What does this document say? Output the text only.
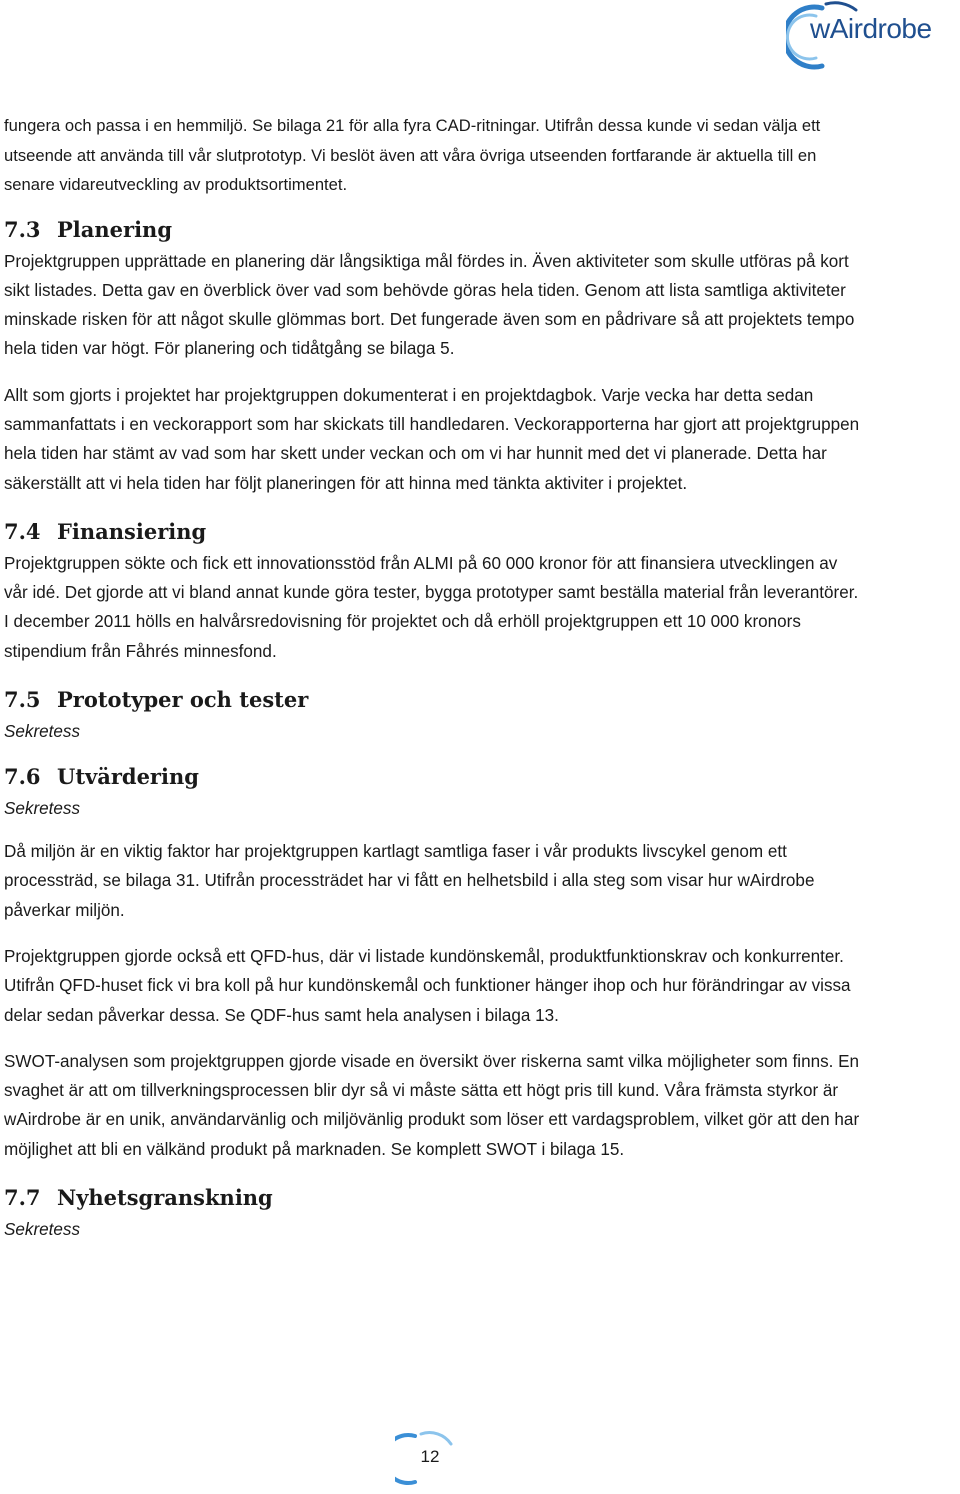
wAirdrobe

fungera och passa i en hemmiljö. Se bilaga 21 för alla fyra CAD-ritningar. Utifrån dessa kunde vi sedan välja ett utseende att använda till vår slutprototyp. Vi beslöt även att våra övriga utseenden fortfarande är aktuella till en senare vidareutveckling av produktsortimentet.

7.3 Planering

Projektgruppen upprättade en planering där långsiktiga mål fördes in. Även aktiviteter som skulle utföras på kort sikt listades. Detta gav en överblick över vad som behövde göras hela tiden. Genom att lista samtliga aktiviteter minskade risken för att något skulle glömmas bort. Det fungerade även som en pådrivare så att projektets tempo hela tiden var högt. För planering och tidåtgång se bilaga 5.

Allt som gjorts i projektet har projektgruppen dokumenterat i en projektdagbok. Varje vecka har detta sedan sammanfattats i en veckorapport som har skickats till handledaren. Veckorapporterna har gjort att projektgruppen hela tiden har stämt av vad som har skett under veckan och om vi har hunnit med det vi planerade. Detta har säkerställt att vi hela tiden har följt planeringen för att hinna med tänkta aktiviter i projektet.

7.4 Finansiering

Projektgruppen sökte och fick ett innovationsstöd från ALMI på 60 000 kronor för att finansiera utvecklingen av vår idé. Det gjorde att vi bland annat kunde göra tester, bygga prototyper samt beställa material från leverantörer. I december 2011 hölls en halvårsredovisning för projektet och då erhöll projektgruppen ett 10 000 kronors stipendium från Fåhrés minnesfond.

7.5 Prototyper och tester
Sekretess
7.6 Utvärdering
Sekretess

Då miljön är en viktig faktor har projektgruppen kartlagt samtliga faser i vår produkts livscykel genom ett processträd, se bilaga 31. Utifrån processträdet har vi fått en helhetsbild i alla steg som visar hur wAirdrobe påverkar miljön.

Projektgruppen gjorde också ett QFD-hus, där vi listade kundönskemål, produktfunktionskrav och konkurrenter. Utifrån QFD-huset fick vi bra koll på hur kundönskemål och funktioner hänger ihop och hur förändringar av vissa delar sedan påverkar dessa. Se QDF-hus samt hela analysen i bilaga 13.

SWOT-analysen som projektgruppen gjorde visade en översikt över riskerna samt vilka möjligheter som finns. En svaghet är att om tillverkningsprocessen blir dyr så vi måste sätta ett högt pris till kund. Våra främsta styrkor är wAirdrobe är en unik, användarvänlig och miljövänlig produkt som löser ett vardagsproblem, vilket gör att den har möjlighet att bli en välkänd produkt på marknaden. Se komplett SWOT i bilaga 15.

7.7 Nyhetsgranskning
Sekretess
12
